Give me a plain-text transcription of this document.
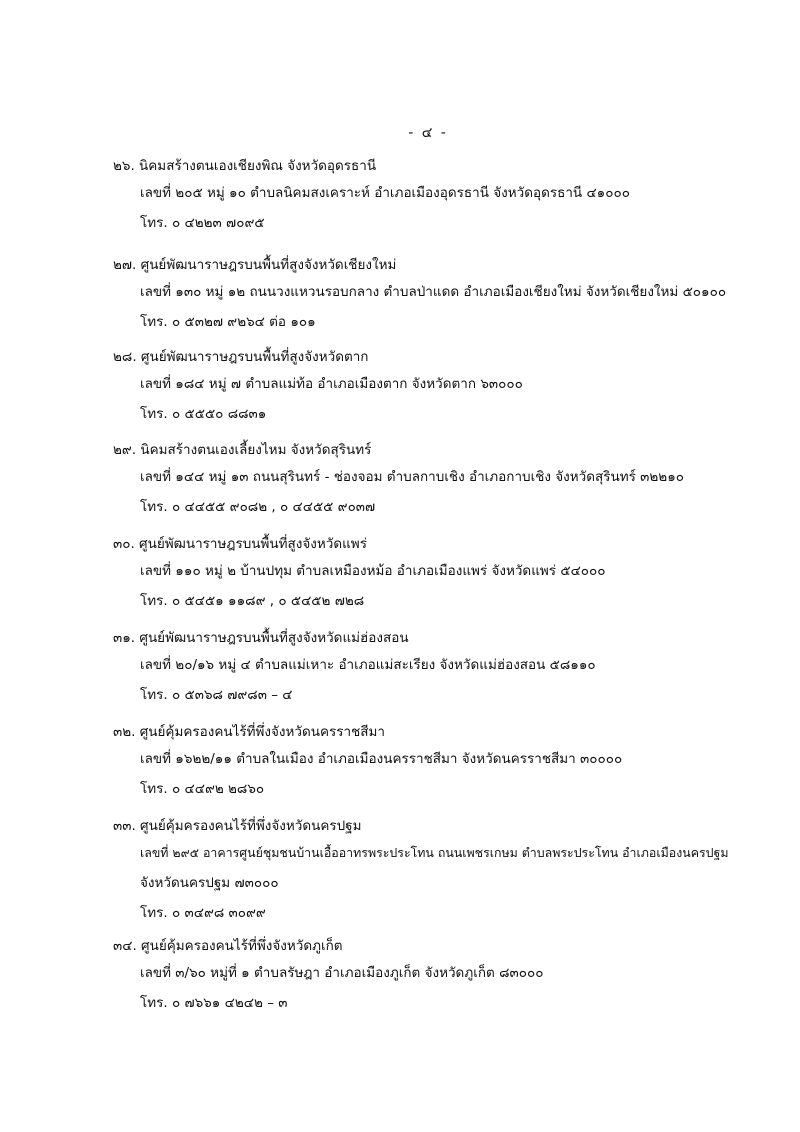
- ๔ -
๒๖. นิคมสร้างตนเองเชียงพิณ จังหวัดอุดรธานี
เลขที่ ๒๐๕ หมู่ ๑๐ ตำบลนิคมสงเคราะห์ อำเภอเมืองอุดรธานี จังหวัดอุดรธานี ๔๑๐๐๐
โทร. ๐ ๔๒๒๓ ๗๐๙๕
๒๗. ศูนย์พัฒนาราษฎรบนพื้นที่สูงจังหวัดเชียงใหม่
เลขที่ ๑๓๐ หมู่ ๑๒ ถนนวงแหวนรอบกลาง ตำบลป่าแดด อำเภอเมืองเชียงใหม่ จังหวัดเชียงใหม่ ๕๐๑๐๐
โทร. ๐ ๕๓๒๗ ๙๒๖๔ ต่อ ๑๐๑
๒๘. ศูนย์พัฒนาราษฎรบนพื้นที่สูงจังหวัดตาก
เลขที่ ๑๘๔ หมู่ ๗ ตำบลแม่ท้อ อำเภอเมืองตาก จังหวัดตาก ๖๓๐๐๐
โทร. ๐ ๕๕๕๐ ๘๘๓๑
๒๙. นิคมสร้างตนเองเลี้ยงไหม จังหวัดสุรินทร์
เลขที่ ๑๔๔ หมู่ ๑๓ ถนนสุรินทร์ - ช่องจอม ตำบลกาบเชิง อำเภอกาบเชิง จังหวัดสุรินทร์ ๓๒๒๑๐
โทร. ๐ ๔๔๕๕ ๙๐๘๒ , ๐ ๔๔๕๕ ๙๐๓๗
๓๐. ศูนย์พัฒนาราษฎรบนพื้นที่สูงจังหวัดแพร่
เลขที่ ๑๑๐ หมู่ ๒ บ้านปทุม ตำบลเหมืองหม้อ อำเภอเมืองแพร่ จังหวัดแพร่ ๕๔๐๐๐
โทร. ๐ ๕๔๕๑ ๑๑๘๙ , ๐ ๕๔๕๒ ๗๒๘
๓๑. ศูนย์พัฒนาราษฎรบนพื้นที่สูงจังหวัดแม่ฮ่องสอน
เลขที่ ๒๐/๑๖ หมู่ ๔ ตำบลแม่เหาะ อำเภอแม่สะเรียง จังหวัดแม่ฮ่องสอน ๕๘๑๑๐
โทร. ๐ ๕๓๖๘ ๗๙๘๓ – ๔
๓๒. ศูนย์คุ้มครองคนไร้ที่พึ่งจังหวัดนครราชสีมา
เลขที่ ๑๖๒๒/๑๑ ตำบลในเมือง อำเภอเมืองนครราชสีมา จังหวัดนครราชสีมา ๓๐๐๐๐
โทร. ๐ ๔๔๙๒ ๒๘๖๐
๓๓. ศูนย์คุ้มครองคนไร้ที่พึ่งจังหวัดนครปฐม
เลขที่ ๒๙๕ อาคารศูนย์ชุมชนบ้านเอื้ออาทรพระประโทน ถนนเพชรเกษม ตำบลพระประโทน อำเภอเมืองนครปฐม
จังหวัดนครปฐม ๗๓๐๐๐
โทร. ๐ ๓๔๙๘ ๓๐๙๙
๓๔. ศูนย์คุ้มครองคนไร้ที่พึ่งจังหวัดภูเก็ต
เลขที่ ๓/๖๐ หมู่ที่ ๑ ตำบลรัษฎา อำเภอเมืองภูเก็ต จังหวัดภูเก็ต ๘๓๐๐๐
โทร. ๐ ๗๖๖๑ ๔๒๔๒ – ๓
